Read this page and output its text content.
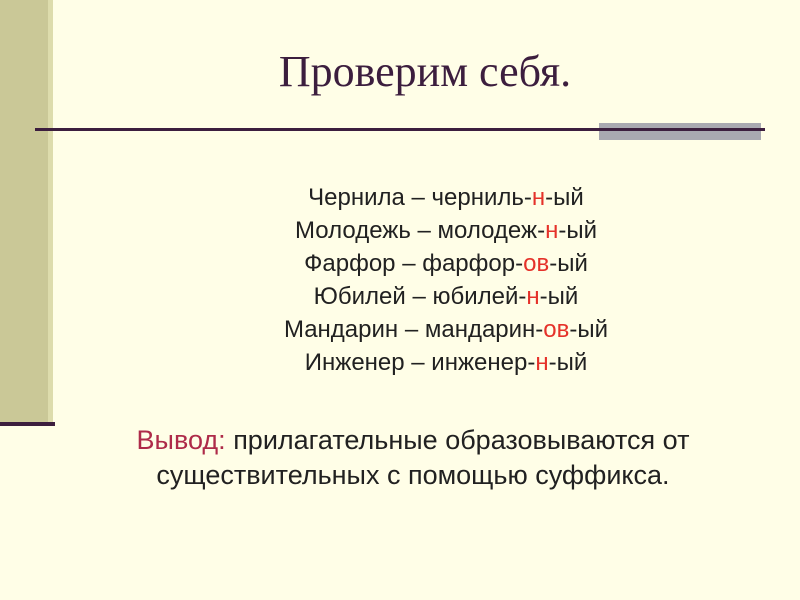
Проверим себя.
Чернила – черниль-н-ый
Молодежь – молодеж-н-ый
Фарфор – фарфор-ов-ый
Юбилей – юбилей-н-ый
Мандарин – мандарин-ов-ый
Инженер – инженер-н-ый
Вывод: прилагательные образовываются от существительных с помощью суффикса.
